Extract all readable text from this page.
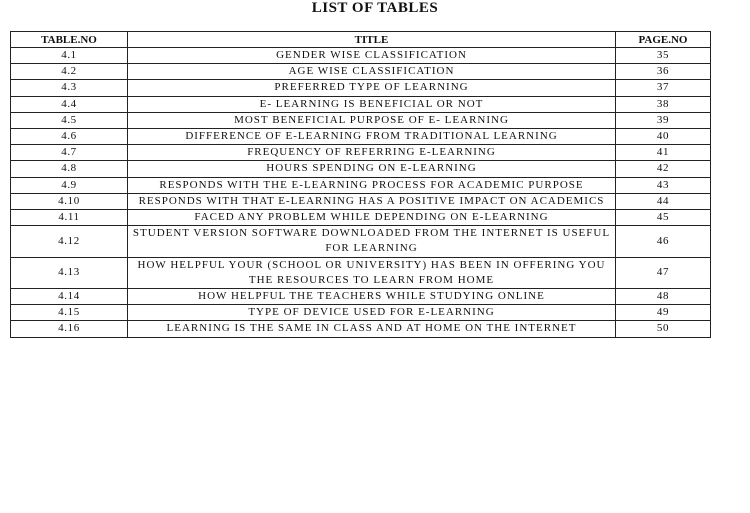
LIST OF TABLES
TABLE.NO	TITLE	PAGE.NO
4.1	GENDER WISE CLASSIFICATION	35
4.2	AGE WISE CLASSIFICATION	36
4.3	PREFERRED TYPE OF LEARNING	37
4.4	E- LEARNING IS BENEFICIAL OR NOT	38
4.5	MOST BENEFICIAL PURPOSE OF E- LEARNING	39
4.6	DIFFERENCE OF E-LEARNING FROM TRADITIONAL LEARNING	40
4.7	FREQUENCY OF REFERRING E-LEARNING	41
4.8	HOURS SPENDING ON E-LEARNING	42
4.9	RESPONDS WITH THE E-LEARNING PROCESS FOR ACADEMIC PURPOSE	43
4.10	RESPONDS WITH THAT E-LEARNING HAS A POSITIVE IMPACT ON ACADEMICS	44
4.11	FACED ANY PROBLEM WHILE DEPENDING ON E-LEARNING	45
4.12	STUDENT VERSION SOFTWARE DOWNLOADED FROM THE INTERNET IS USEFUL FOR LEARNING	46
4.13	HOW HELPFUL YOUR (SCHOOL OR UNIVERSITY) HAS BEEN IN OFFERING YOU THE RESOURCES TO LEARN FROM HOME	47
4.14	HOW HELPFUL THE TEACHERS WHILE STUDYING ONLINE	48
4.15	TYPE OF DEVICE USED FOR E-LEARNING	49
4.16	LEARNING IS THE SAME IN CLASS AND AT HOME ON THE INTERNET	50
